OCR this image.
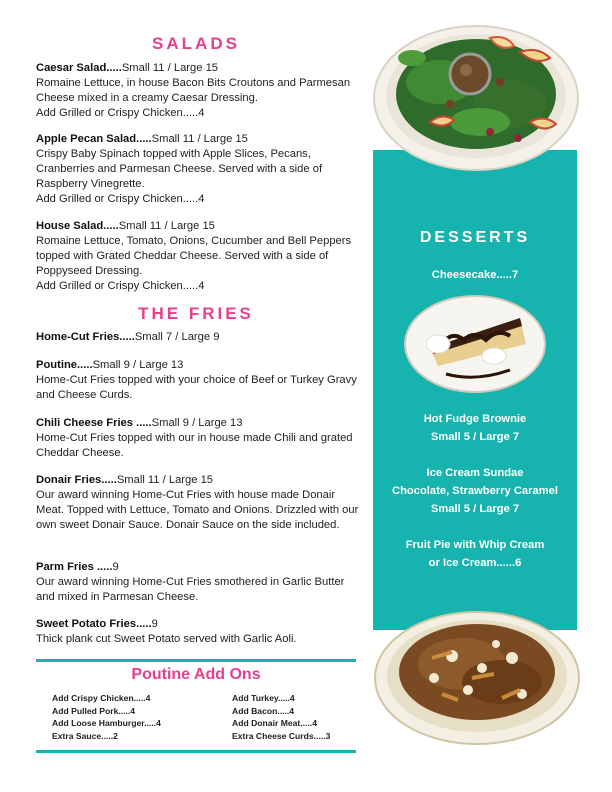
SALADS
Caesar Salad.....Small 11 / Large 15

Romaine Lettuce, in house Bacon Bits Croutons and Parmesan Cheese mixed in a creamy Caesar Dressing.

Add Grilled or Crispy Chicken.....4

Apple Pecan Salad.....Small 11 / Large 15

Crispy Baby Spinach topped with Apple Slices, Pecans, Cranberries and Parmesan Cheese. Served with a side of Raspberry Vinegrette.

Add Grilled or Crispy Chicken.....4

House Salad.....Small 11 / Large 15

Romaine Lettuce, Tomato, Onions, Cucumber and Bell Peppers topped with Grated Cheddar Cheese. Served with a side of Poppyseed Dressing.

Add Grilled or Crispy Chicken.....4

THE FRIES
Home-Cut Fries.....Small 7 / Large 9
Poutine.....Small 9 / Large 13

Home-Cut Fries topped with your choice of Beef or Turkey Gravy and Cheese Curds.

Chili Cheese Fries .....Small 9 / Large 13

Home-Cut Fries topped with our in house made Chili and grated Cheddar Cheese.

Donair Fries.....Small 11 / Large 15

Our award winning Home-Cut Fries with house made Donair Meat. Topped with Lettuce, Tomato and Onions. Drizzled with our own sweet Donair Sauce. Donair Sauce on the side included.

Parm Fries .....9

Our award winning Home-Cut Fries smothered in Garlic Butter and mixed in Parmesan Cheese.

Sweet Potato Fries.....9

Thick plank cut Sweet Potato served with Garlic Aoli.

DESSERTS
Cheesecake.....7
Hot Fudge Brownie
Small 5 / Large 7
Ice Cream Sundae
Chocolate, Strawberry Caramel
Small 5 / Large 7
Fruit Pie with Whip Cream
or Ice Cream......6
Poutine Add Ons
Add Crispy Chicken.....4
Add Pulled Pork.....4
Add Loose Hamburger.....4
Extra Sauce.....2
Add Turkey.....4
Add Bacon.....4
Add Donair Meat.....4
Extra Cheese Curds.....3
